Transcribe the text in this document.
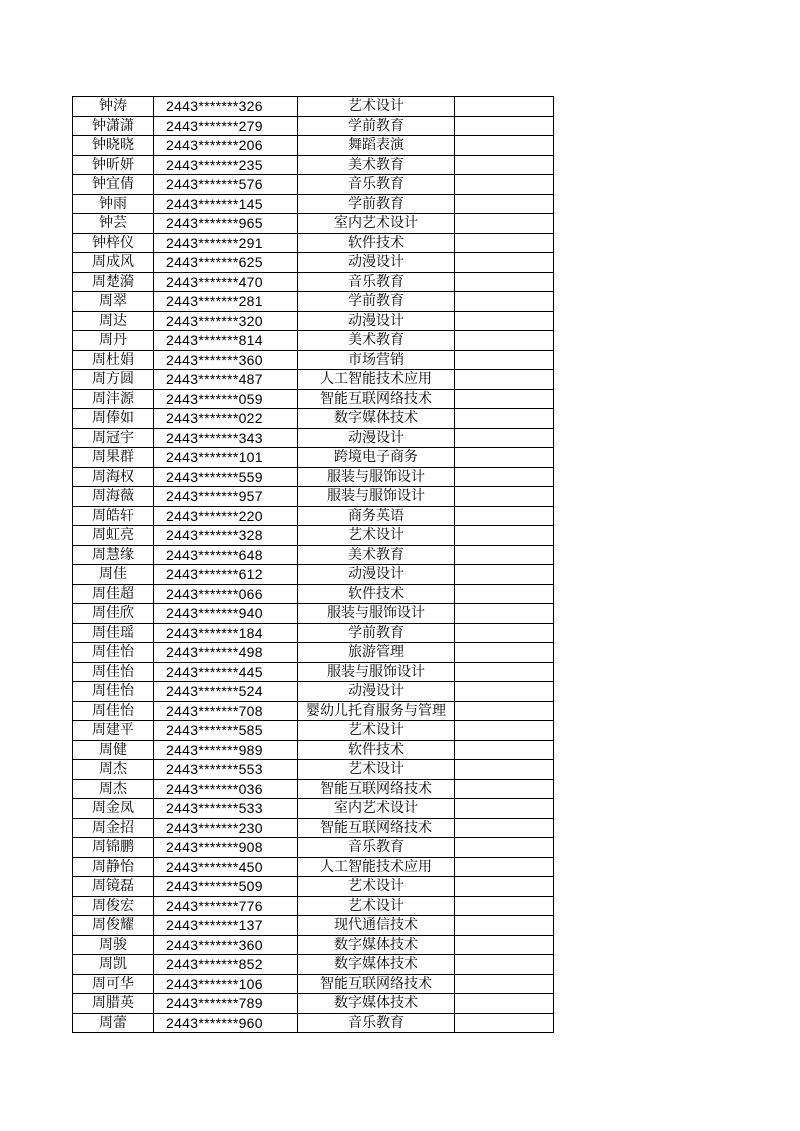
钟涛	2443*******326	艺术设计	
钟潇潇	2443*******279	学前教育	
钟晓晓	2443*******206	舞蹈表演	
钟昕妍	2443*******235	美术教育	
钟宜倩	2443*******576	音乐教育	
钟雨	2443*******145	学前教育	
钟芸	2443*******965	室内艺术设计	
钟梓仪	2443*******291	软件技术	
周成风	2443*******625	动漫设计	
周楚漪	2443*******470	音乐教育	
周翠	2443*******281	学前教育	
周达	2443*******320	动漫设计	
周丹	2443*******814	美术教育	
周杜娟	2443*******360	市场营销	
周方圆	2443*******487	人工智能技术应用	
周沣源	2443*******059	智能互联网络技术	
周俸如	2443*******022	数字媒体技术	
周冠宇	2443*******343	动漫设计	
周果群	2443*******101	跨境电子商务	
周海权	2443*******559	服装与服饰设计	
周海薇	2443*******957	服装与服饰设计	
周皓轩	2443*******220	商务英语	
周虹亮	2443*******328	艺术设计	
周慧缘	2443*******648	美术教育	
周佳	2443*******612	动漫设计	
周佳超	2443*******066	软件技术	
周佳欣	2443*******940	服装与服饰设计	
周佳瑶	2443*******184	学前教育	
周佳怡	2443*******498	旅游管理	
周佳怡	2443*******445	服装与服饰设计	
周佳怡	2443*******524	动漫设计	
周佳怡	2443*******708	婴幼儿托育服务与管理	
周建平	2443*******585	艺术设计	
周健	2443*******989	软件技术	
周杰	2443*******553	艺术设计	
周杰	2443*******036	智能互联网络技术	
周金凤	2443*******533	室内艺术设计	
周金招	2443*******230	智能互联网络技术	
周锦鹏	2443*******908	音乐教育	
周静怡	2443*******450	人工智能技术应用	
周镜磊	2443*******509	艺术设计	
周俊宏	2443*******776	艺术设计	
周俊耀	2443*******137	现代通信技术	
周骏	2443*******360	数字媒体技术	
周凯	2443*******852	数字媒体技术	
周可华	2443*******106	智能互联网络技术	
周腊英	2443*******789	数字媒体技术	
周蕾	2443*******960	音乐教育	
